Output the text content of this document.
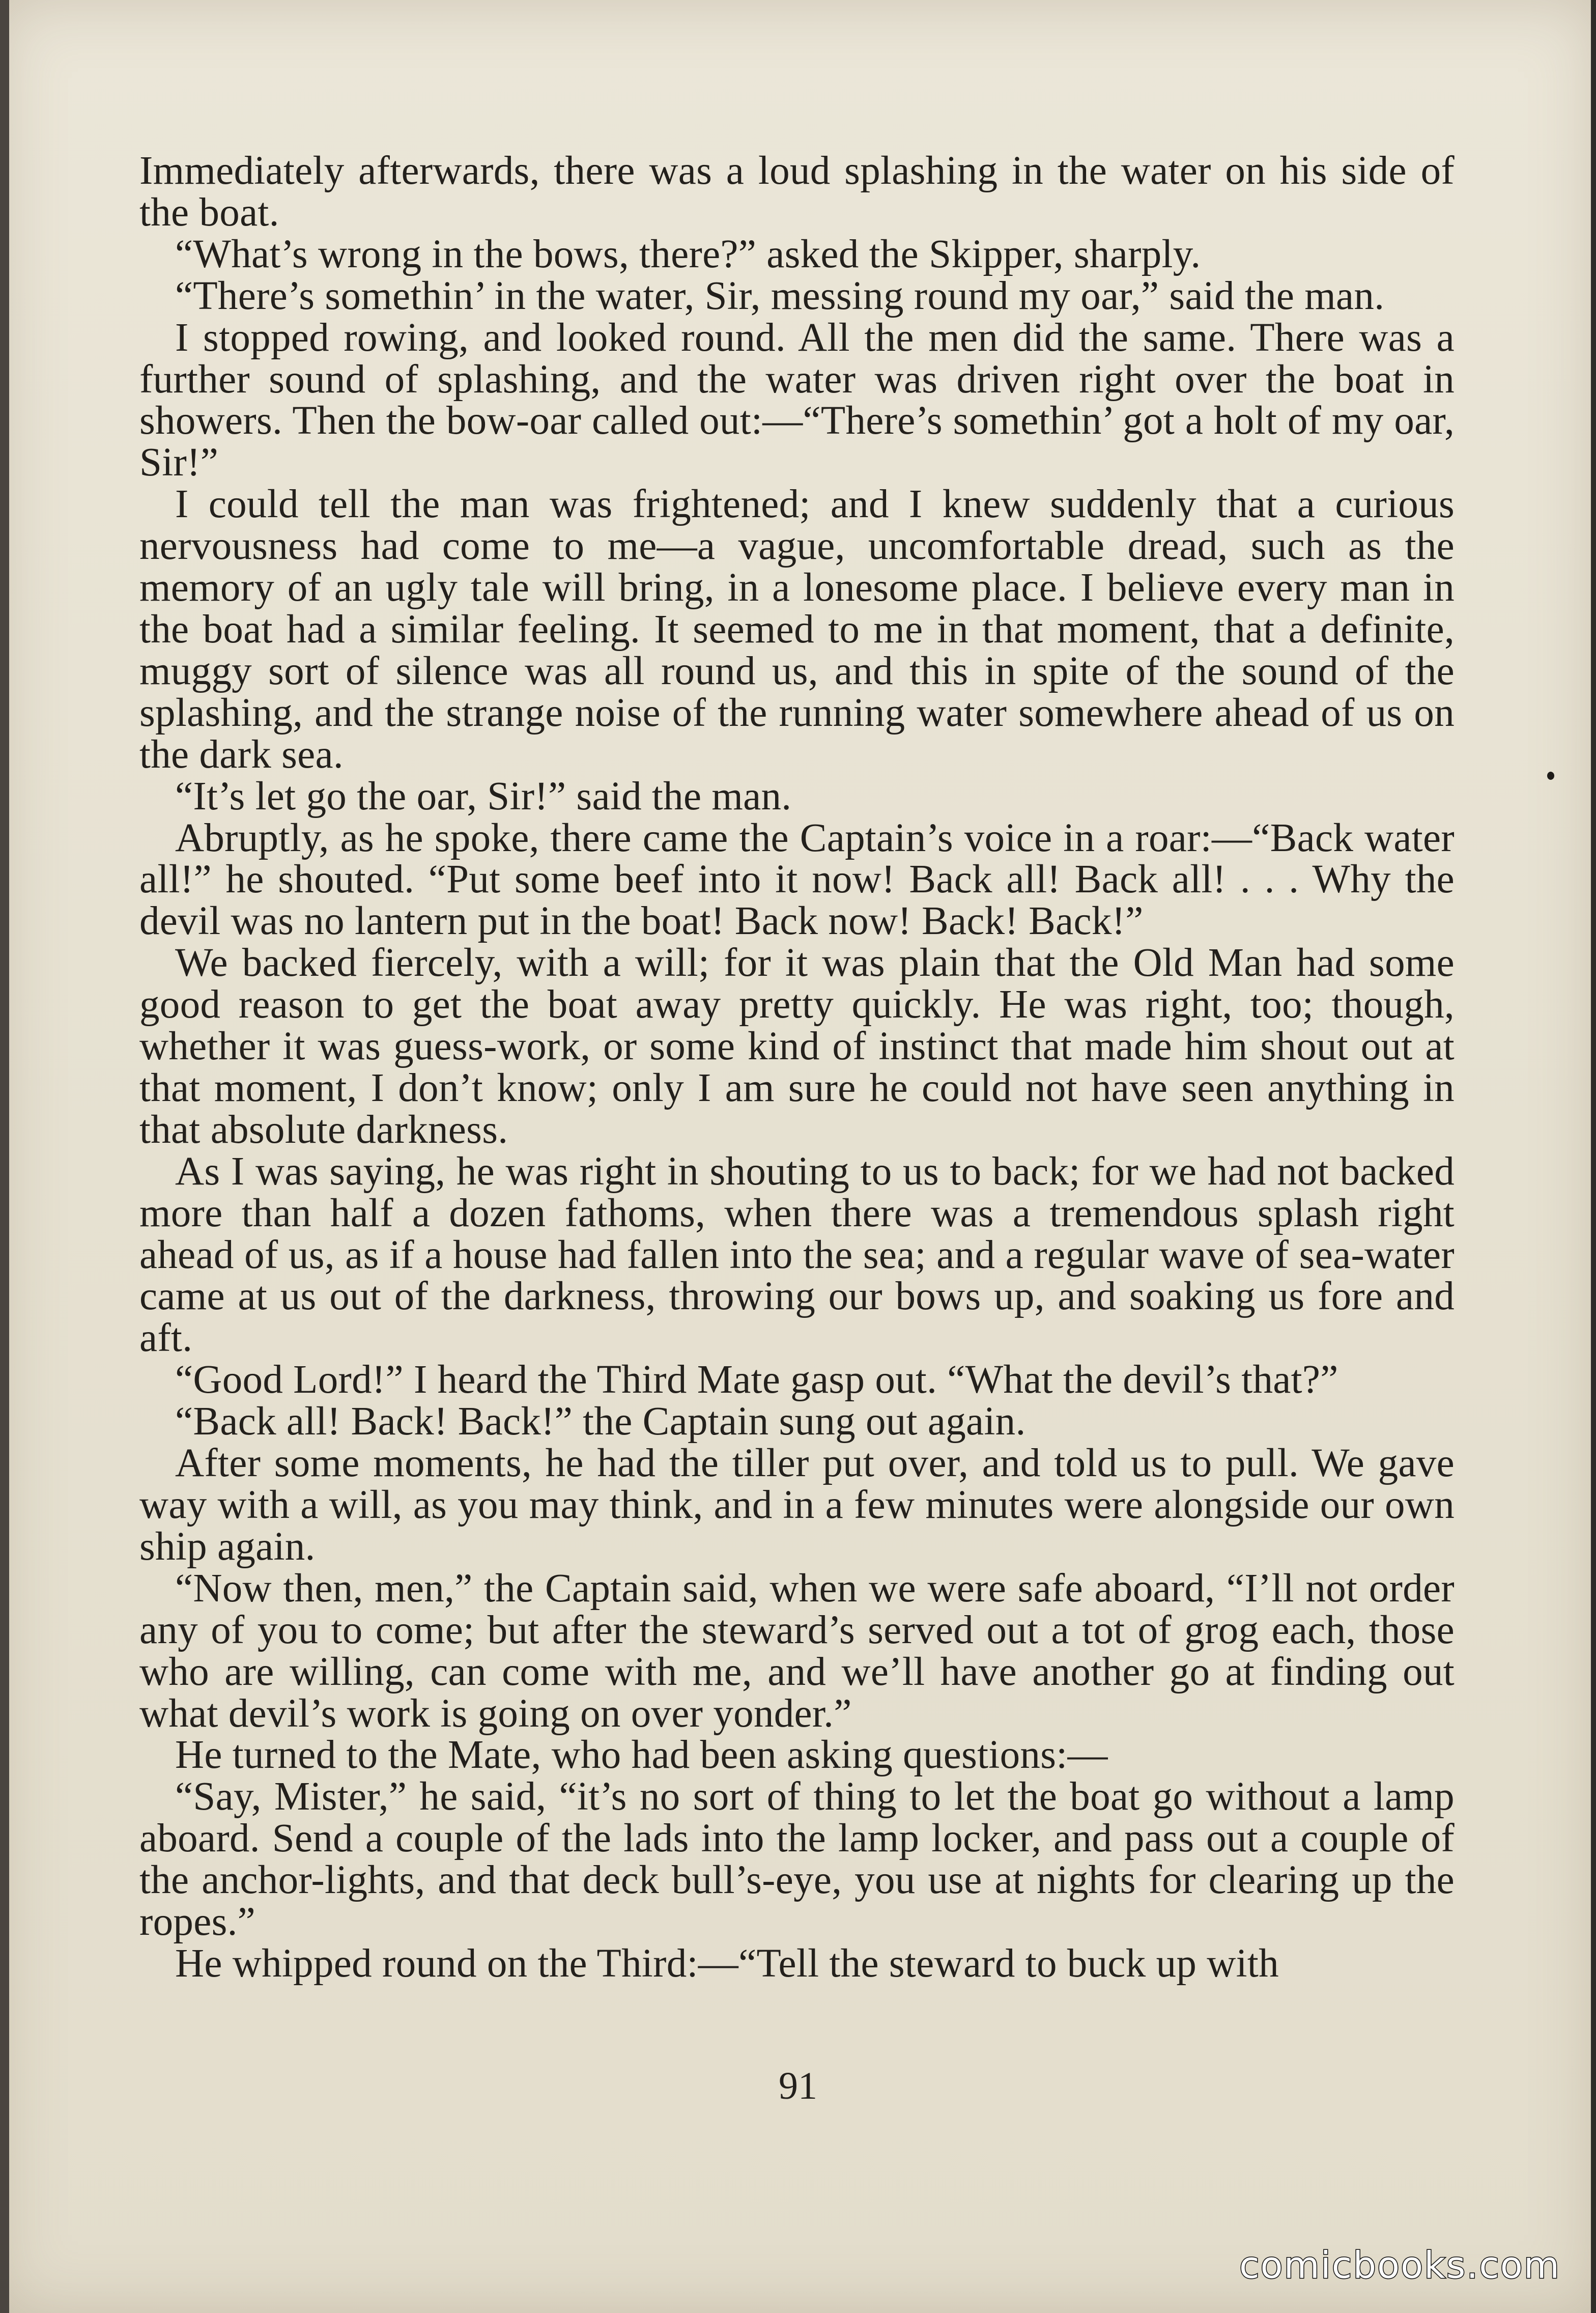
Immediately afterwards, there was a loud splashing in the water on his side of the boat.

“What’s wrong in the bows, there?” asked the Skipper, sharply.

“There’s somethin’ in the water, Sir, messing round my oar,” said the man.

I stopped rowing, and looked round. All the men did the same. There was a further sound of splashing, and the water was driven right over the boat in showers. Then the bow-oar called out:—“There’s somethin’ got a holt of my oar, Sir!”

I could tell the man was frightened; and I knew suddenly that a curious nervousness had come to me—a vague, uncomfortable dread, such as the memory of an ugly tale will bring, in a lonesome place. I believe every man in the boat had a similar feeling. It seemed to me in that moment, that a definite, muggy sort of silence was all round us, and this in spite of the sound of the splashing, and the strange noise of the running water somewhere ahead of us on the dark sea.

“It’s let go the oar, Sir!” said the man.

Abruptly, as he spoke, there came the Captain’s voice in a roar:—“Back water all!” he shouted. “Put some beef into it now! Back all! Back all! . . . Why the devil was no lantern put in the boat! Back now! Back! Back!”

We backed fiercely, with a will; for it was plain that the Old Man had some good reason to get the boat away pretty quickly. He was right, too; though, whether it was guess-work, or some kind of instinct that made him shout out at that moment, I don’t know; only I am sure he could not have seen anything in that absolute darkness.

As I was saying, he was right in shouting to us to back; for we had not backed more than half a dozen fathoms, when there was a tremendous splash right ahead of us, as if a house had fallen into the sea; and a regular wave of sea-water came at us out of the darkness, throwing our bows up, and soaking us fore and aft.

“Good Lord!” I heard the Third Mate gasp out. “What the devil’s that?”

“Back all! Back! Back!” the Captain sung out again.

After some moments, he had the tiller put over, and told us to pull. We gave way with a will, as you may think, and in a few minutes were alongside our own ship again.

“Now then, men,” the Captain said, when we were safe aboard, “I’ll not order any of you to come; but after the steward’s served out a tot of grog each, those who are willing, can come with me, and we’ll have another go at finding out what devil’s work is going on over yonder.”

He turned to the Mate, who had been asking questions:—

“Say, Mister,” he said, “it’s no sort of thing to let the boat go without a lamp aboard. Send a couple of the lads into the lamp locker, and pass out a couple of the anchor-lights, and that deck bull’s-eye, you use at nights for clearing up the ropes.”

He whipped round on the Third:—“Tell the steward to buck up with

91
comicbooks.com
